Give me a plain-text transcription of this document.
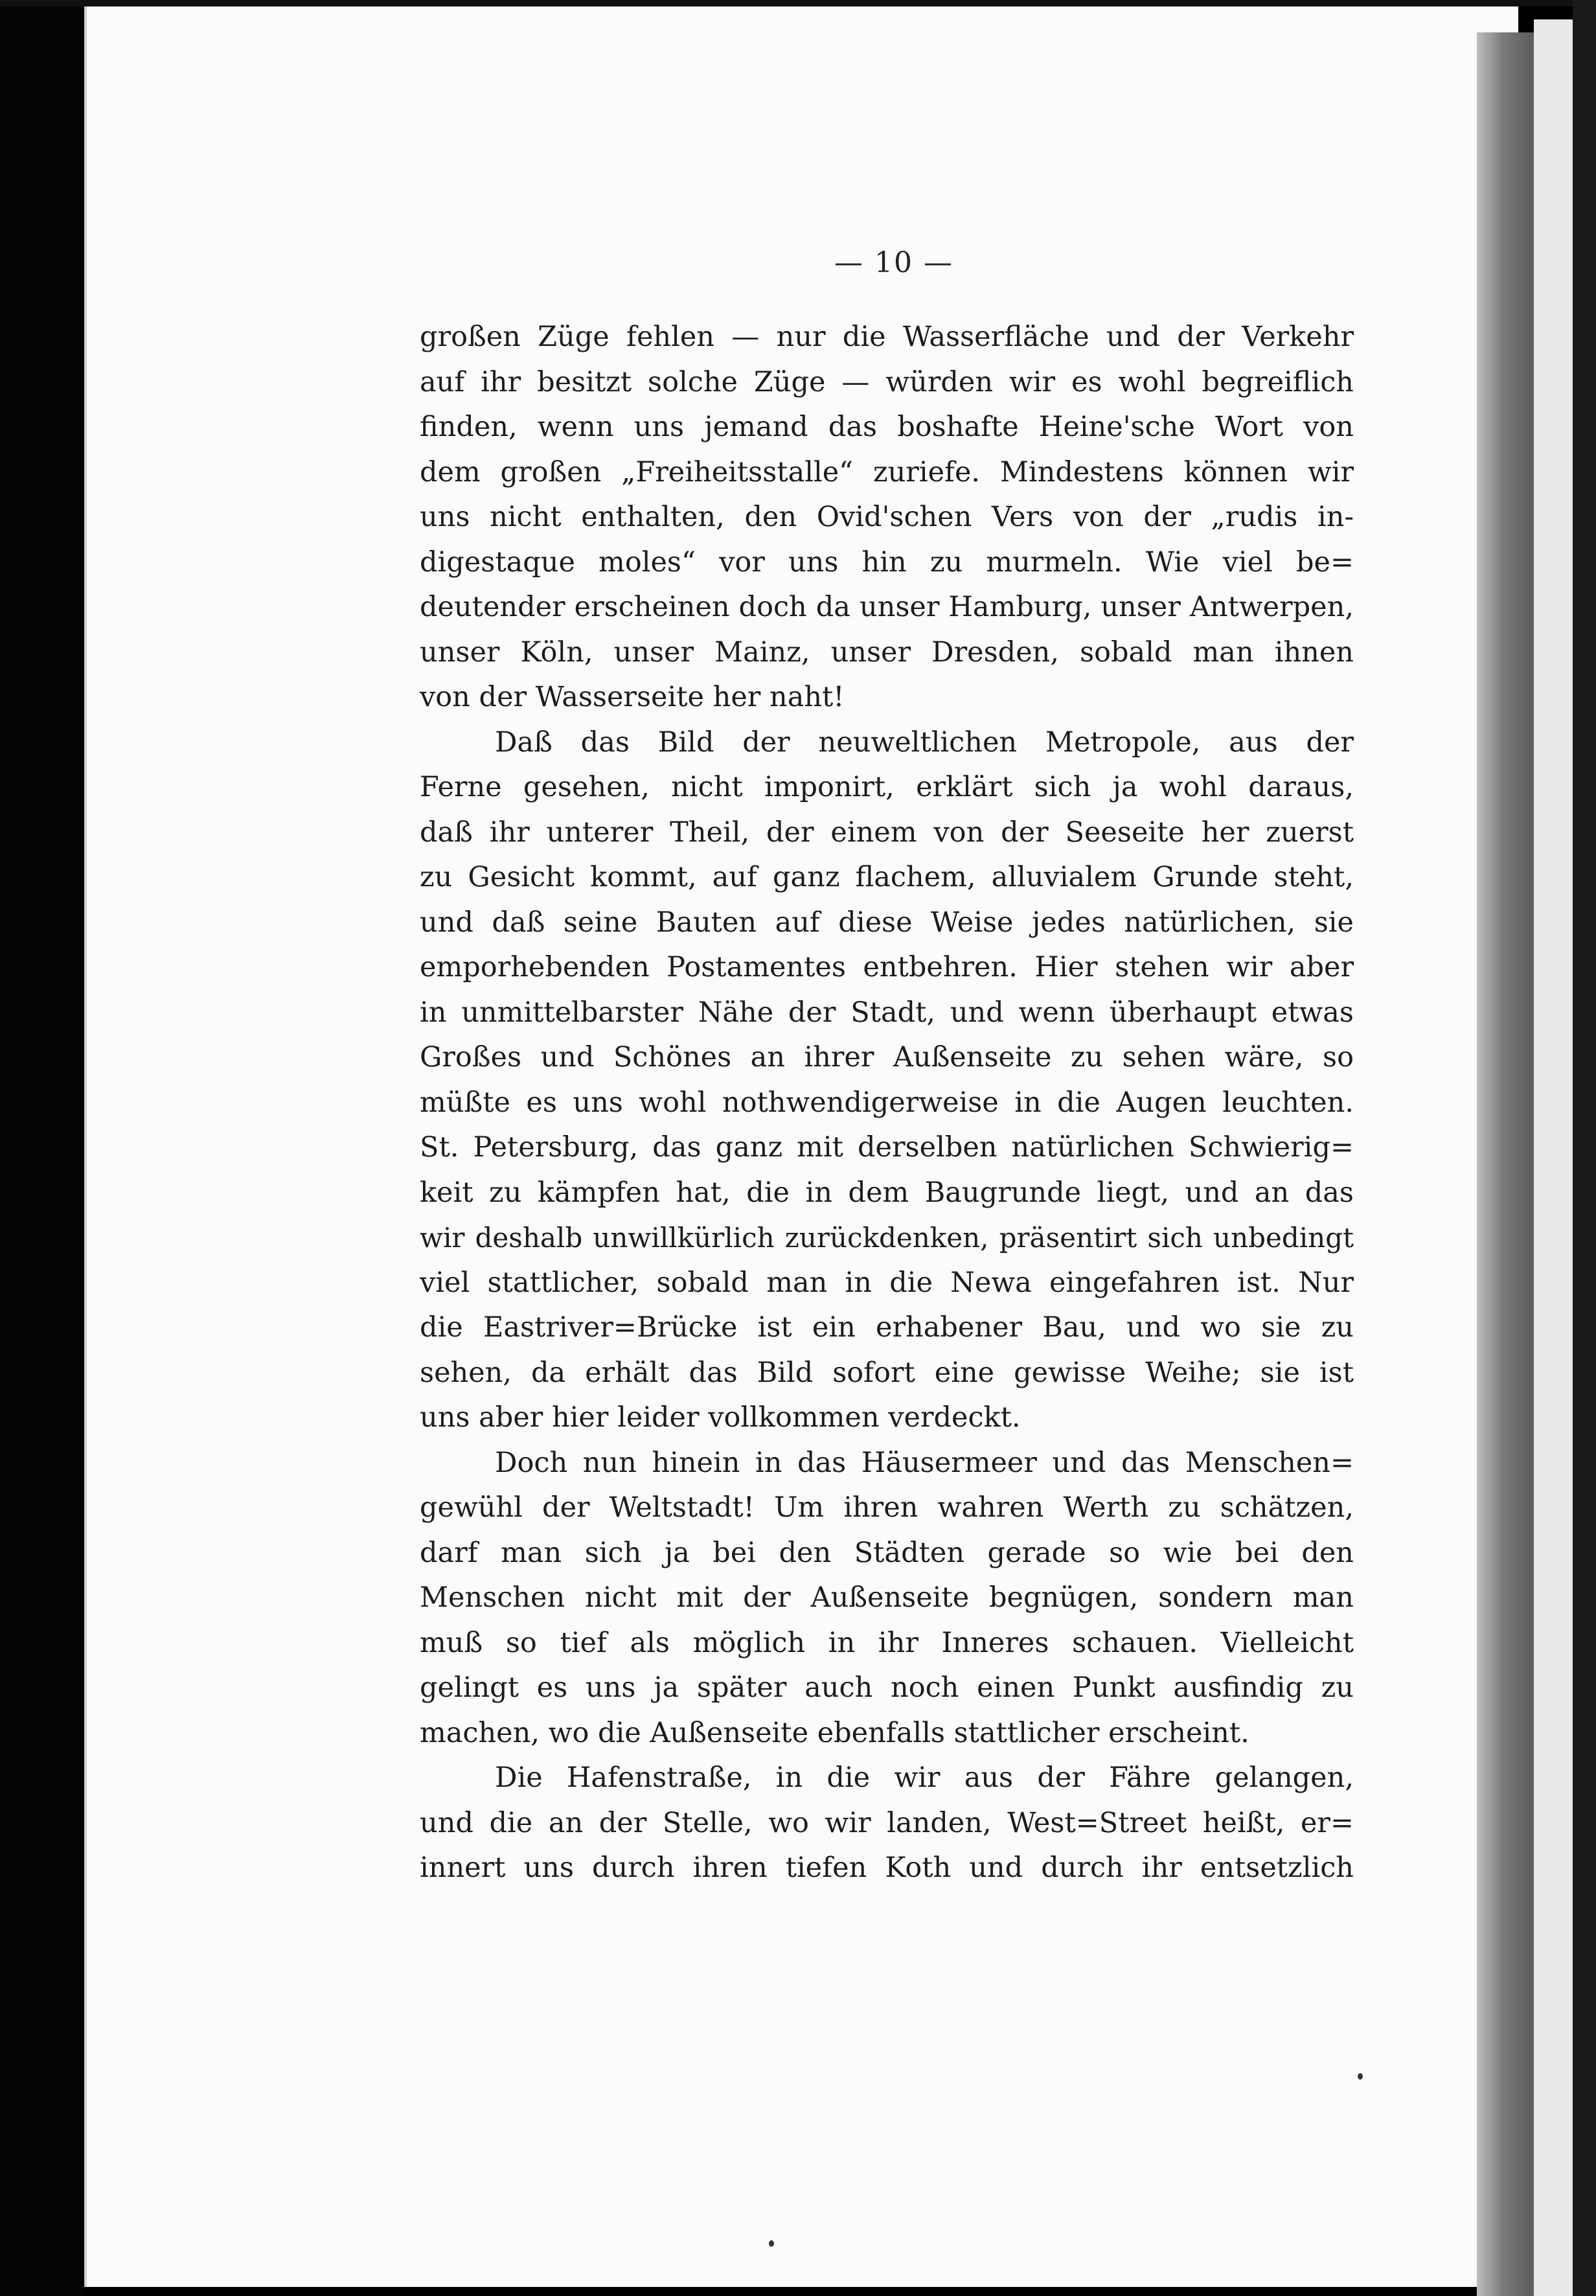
— 10 —
großen Züge fehlen — nur die Wasserfläche und der Verkehr
auf ihr besitzt solche Züge — würden wir es wohl begreiflich
finden, wenn uns jemand das boshafte Heine'sche Wort von
dem großen „Freiheitsstalle“ zuriefe. Mindestens können wir
uns nicht enthalten, den Ovid'schen Vers von der „rudis in-
digestaque moles“ vor uns hin zu murmeln. Wie viel be=
deutender erscheinen doch da unser Hamburg, unser Antwerpen,
unser Köln, unser Mainz, unser Dresden, sobald man ihnen
von der Wasserseite her naht!
Daß das Bild der neuweltlichen Metropole, aus der
Ferne gesehen, nicht imponirt, erklärt sich ja wohl daraus,
daß ihr unterer Theil, der einem von der Seeseite her zuerst
zu Gesicht kommt, auf ganz flachem, alluvialem Grunde steht,
und daß seine Bauten auf diese Weise jedes natürlichen, sie
emporhebenden Postamentes entbehren. Hier stehen wir aber
in unmittelbarster Nähe der Stadt, und wenn überhaupt etwas
Großes und Schönes an ihrer Außenseite zu sehen wäre, so
müßte es uns wohl nothwendigerweise in die Augen leuchten.
St. Petersburg, das ganz mit derselben natürlichen Schwierig=
keit zu kämpfen hat, die in dem Baugrunde liegt, und an das
wir deshalb unwillkürlich zurückdenken, präsentirt sich unbedingt
viel stattlicher, sobald man in die Newa eingefahren ist. Nur
die Eastriver=Brücke ist ein erhabener Bau, und wo sie zu
sehen, da erhält das Bild sofort eine gewisse Weihe; sie ist
uns aber hier leider vollkommen verdeckt.
Doch nun hinein in das Häusermeer und das Menschen=
gewühl der Weltstadt! Um ihren wahren Werth zu schätzen,
darf man sich ja bei den Städten gerade so wie bei den
Menschen nicht mit der Außenseite begnügen, sondern man
muß so tief als möglich in ihr Inneres schauen. Vielleicht
gelingt es uns ja später auch noch einen Punkt ausfindig zu
machen, wo die Außenseite ebenfalls stattlicher erscheint.
Die Hafenstraße, in die wir aus der Fähre gelangen,
und die an der Stelle, wo wir landen, West=Street heißt, er=
innert uns durch ihren tiefen Koth und durch ihr entsetzlich
